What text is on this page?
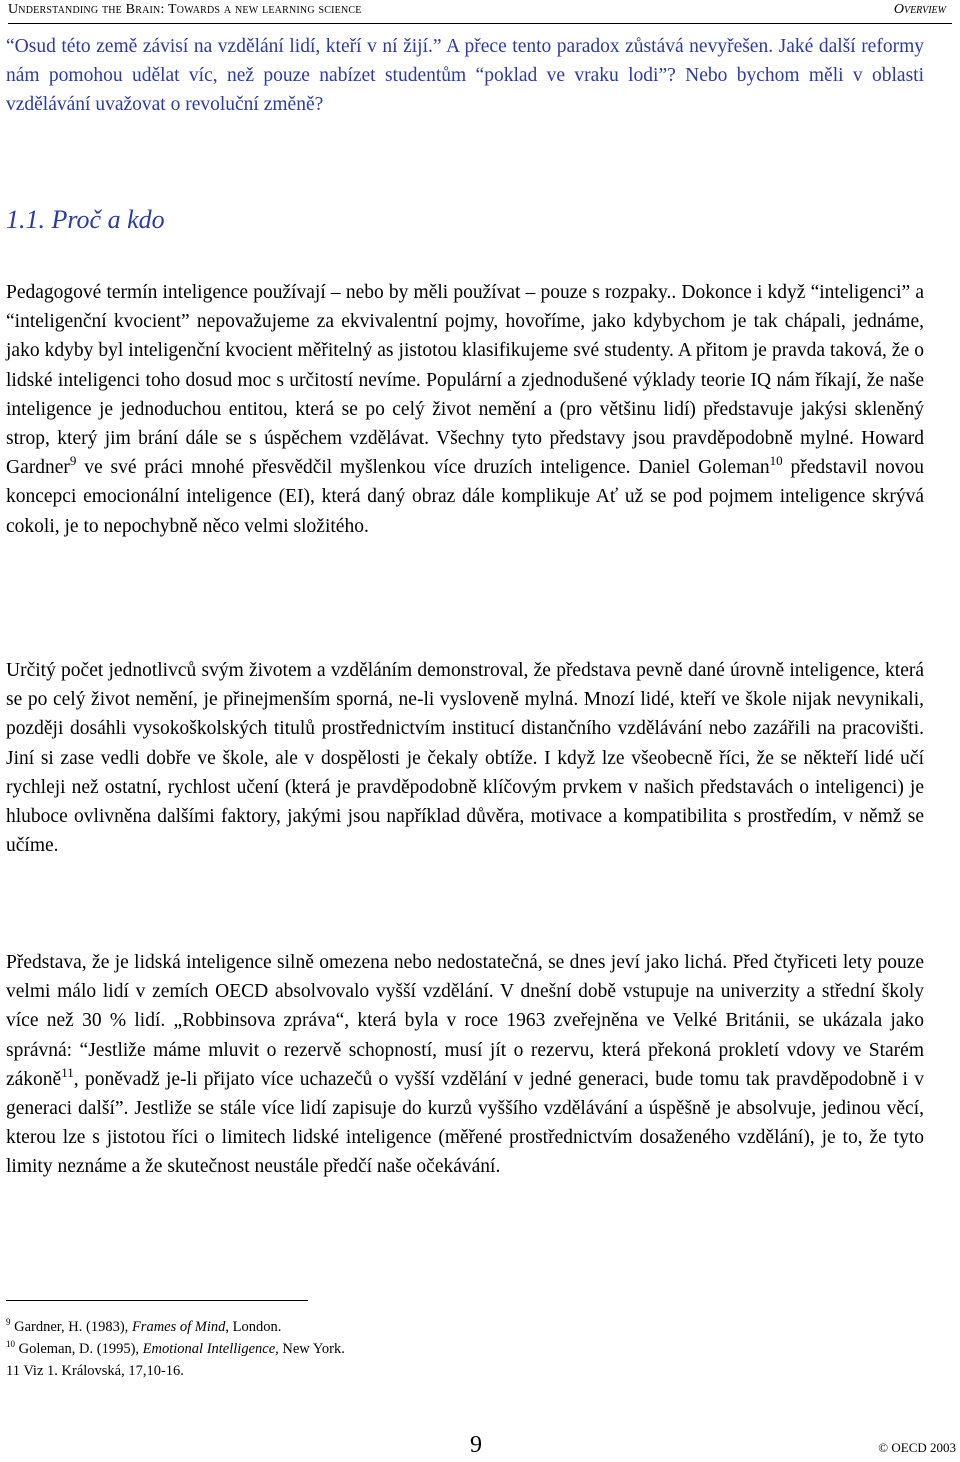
Understanding the Brain: Towards a new learning science	Overview
“Osud této země závisí na vzdělání lidí, kteří v ní žijí.” A přece tento paradox zůstává nevyřešen. Jaké další reformy nám pomohou udělat víc, než pouze nabízet studentům “poklad ve vraku lodi”? Nebo bychom měli v oblasti vzdělávání uvažovat o revoluční změně?
1.1. Proč a kdo
Pedagogové termín inteligence používají – nebo by měli používat – pouze s rozpaky.. Dokonce i když “inteligenci” a “inteligenční kvocient” nepovažujeme za ekvivalentní pojmy, hovoříme, jako kdybychom je tak chápali, jednáme, jako kdyby byl inteligenční kvocient měřitelný as jistotou klasifikujeme své studenty. A přitom je pravda taková, že o lidské inteligenci toho dosud moc s určitostí nevíme. Populární a zjednodušené výklady teorie IQ nám říkají, že naše inteligence je jednoduchou entitou, která se po celý život nemění a (pro většinu lidí) představuje jakýsi skleněný strop, který jim brání dále se s úspěchem vzdělávat. Všechny tyto představy jsou pravděpodobně mylné. Howard Gardner$^9$ ve své práci mnohé přesvědčil myšlenkou více druzích inteligence. Daniel Goleman$^{10}$ představil novou koncepci emocionální inteligence (EI), která daný obraz dále komplikuje Ať už se pod pojmem inteligence skrývá cokoli, je to nepochybně něco velmi složitého.
Určitý počet jednotlivců svým životem a vzděláním demonstroval, že představa pevně dané úrovně inteligence, která se po celý život nemění, je přinejmenším sporná, ne-li vysloveně mylná. Mnozí lidé, kteří ve škole nijak nevynikali, později dosáhli vysokoškolských titulů prostřednictvím institucí distančního vzdělávání nebo zazářili na pracovišti. Jiní si zase vedli dobře ve škole, ale v dospělosti je čekaly obtíže. I když lze všeobecně říci, že se někteří lidé učí rychleji než ostatní, rychlost učení (která je pravděpodobně klíčovým prvkem v našich představách o inteligenci) je hluboce ovlivněna dalšími faktory, jakými jsou například důvěra, motivace a kompatibilita s prostředím, v němž se učíme.
Představa, že je lidská inteligence silně omezena nebo nedostatečná, se dnes jeví jako lichá. Před čtyřiceti lety pouze velmi málo lidí v zemích OECD absolvovalo vyšší vzdělání. V dnešní době vstupuje na univerzity a střední školy více než 30 % lidí. „Robbinsova zpráva“, která byla v roce 1963 zveřejněna ve Velké Británii, se ukázala jako správná: “Jestliže máme mluvit o rezervě schopností, musí jít o rezervu, která překoná prokletí vdovy ve Starém zákoně$^{11}$, poněvadž je-li přijato více uchazečů o vyšší vzdělání v jedné generaci, bude tomu tak pravděpodobně i v generaci další”. Jestliže se stále více lidí zapisuje do kurzů vyššího vzdělávání a úspěšně je absolvuje, jedinou věcí, kterou lze s jistotou říci o limitech lidské inteligence (měřené prostřednictvím dosaženého vzdělání), je to, že tyto limity neznáme a že skutečnost neustále předčí naše očekávání.
$^9$ Gardner, H. (1983), Frames of Mind, London.
$^{10}$ Goleman, D. (1995), Emotional Intelligence, New York.
11 Viz 1. Královská, 17,10-16.
9	© OECD 2003
